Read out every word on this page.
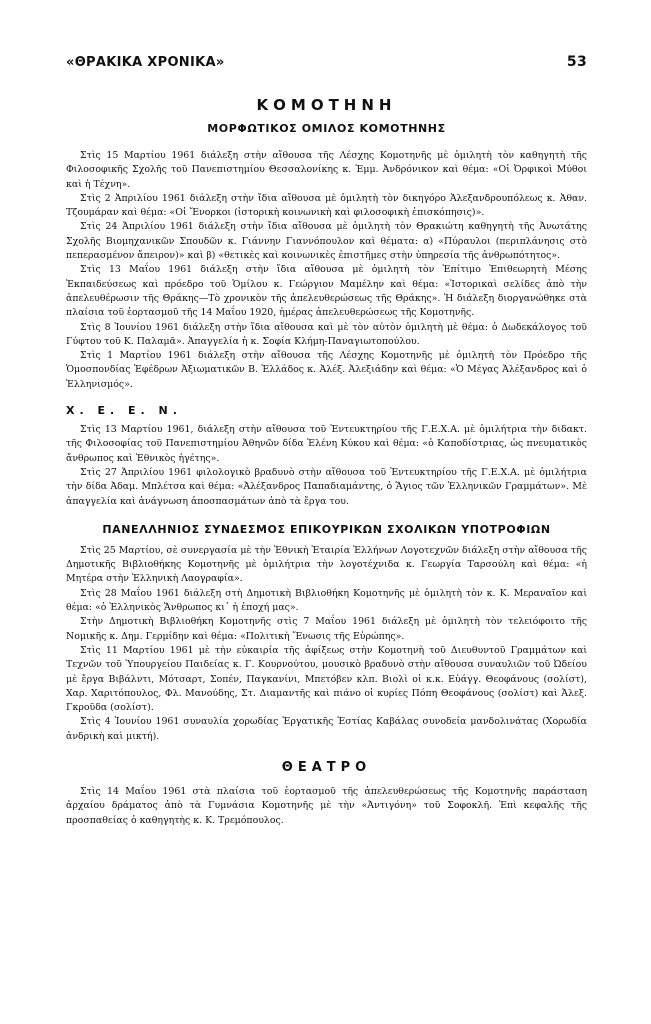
«ΘΡΑΚΙΚΑ ΧΡΟΝΙΚΑ»	53
ΚΟΜΟΤΗΝΗ
ΜΟΡΦΩΤΙΚΟΣ ΟΜΙΛΟΣ ΚΟΜΟΤΗΝΗΣ

Στὶς 15 Μαρτίου 1961 διάλεξη στὴν αἴθουσα τῆς Λέσχης Κομοτηνῆς μὲ ὁμιλητὴ τὸν καθηγητὴ τῆς Φιλοσοφικῆς Σχολῆς τοῦ Πανεπιστημίου Θεσσαλονίκης κ. Ἐμμ. Ἀνδρόνικον καὶ θέμα: «Οἱ Ὀρφικοὶ Μύθοι καὶ ἡ Τέχνη».

Στὶς 2 Ἀπριλίου 1961 διάλεξη στὴν ἴδια αἴθουσα μὲ ὁμιλητὴ τὸν δικηγόρο Ἀλεξανδρουπόλεως κ. Ἀθαν. Τζουμάραν καὶ θέμα: «Οἱ Ἔνορκοι (ἱστορικὴ κοινωνικὴ καὶ φιλοσοφικὴ ἐπισκόπησις)».

Στὶς 24 Ἀπριλίου 1961 διάλεξη στὴν ἴδια αἴθουσα μὲ ὁμιλητὴ τὸν Θρακιώτη καθηγητὴ τῆς Ἀνωτάτης Σχολῆς Βιομηχανικῶν Σπουδῶν κ. Γιάννην Γιαννόπουλον καὶ θέματα: α) «Πύραυλοι (περιπλάνησις στὸ πεπερασμένον ἄπειρον)» καὶ β) «θετικὲς καὶ κοινωνικὲς ἐπιστῆμες στὴν ὑπηρεσία τῆς ἀνθρωπότητος».

Στὶς 13 Μαΐου 1961 διάλεξη στὴν ἴδια αἴθουσα μὲ ὁμιλητὴ τὸν Ἐπίτιμο Ἐπιθεωρητὴ Μέσης Ἐκπαιδεύσεως καὶ πρόεδρο τοῦ Ὁμίλου κ. Γεώργιον Μαμέλην καὶ θέμα: «Ἱστορικαὶ σελίδες ἀπὸ τὴν ἀπελευθέρωσιν τῆς Θράκης—Τὸ χρονικὸν τῆς ἀπελευθερώσεως τῆς Θράκης». Ἡ διάλεξη διοργανώθηκε στὰ πλαίσια τοῦ ἑορτασμοῦ τῆς 14 Μαΐου 1920, ἡμέρας ἀπελευθερώσεως τῆς Κομοτηνῆς.

Στὶς 8 Ἰουνίου 1961 διάλεξη στὴν ἴδια αἴθουσα καὶ μὲ τὸν αὐτὸν ὁμιλητὴ μὲ θέμα: ὁ Δωδεκάλογος τοῦ Γύφτου τοῦ Κ. Παλαμᾶ». Ἀπαγγελία ἡ κ. Σοφία Κλήμη-Παναγιωτοπούλου.

Στὶς 1 Μαρτίου 1961 διάλεξη στὴν αἴθουσα τῆς Λέσχης Κομοτηνῆς μὲ ὁμιλητὴ τὸν Πρόεδρο τῆς Ὁμοσπονδίας Ἐφέδρων Ἀξιωματικῶν Β. Ἑλλάδος κ. Ἀλέξ. Ἀλεξιάδην καὶ θέμα: «Ὁ Μέγας Ἀλέξανδρος καὶ ὁ Ἑλληνισμός».

Χ. Ε. Ε. Ν.

Στὶς 13 Μαρτίου 1961, διάλεξη στὴν αἴθουσα τοῦ Ἐντευκτηρίου τῆς Γ.Ε.Χ.Α. μὲ ὁμιλήτρια τὴν διδακτ. τῆς Φιλοσοφίας τοῦ Πανεπιστημίου Ἀθηνῶν δίδα Ἑλένη Κύκου καὶ θέμα: «ὁ Καποδίστριας, ὡς πνευματικὸς ἄνθρωπος καὶ Ἐθνικὸς ἡγέτης».

Στὶς 27 Ἀπριλίου 1961 φιλολογικὸ βραδυνὸ στὴν αἴθουσα τοῦ Ἐντευκτηρίου τῆς Γ.Ε.Χ.Α. μὲ ὁμιλήτρια τὴν δίδα Ἀδαμ. Μπλέτσα καὶ θέμα: «Ἀλέξανδρος Παπαδιαμάντης, ὁ Ἅγιος τῶν Ἑλληνικῶν Γραμμάτων». Μὲ ἀπαγγελία καὶ ἀνάγνωση ἀποσπασμάτων ἀπὸ τὰ ἔργα του.

ΠΑΝΕΛΛΗΝΙΟΣ ΣΥΝΔΕΣΜΟΣ ΕΠΙΚΟΥΡΙΚΩΝ ΣΧΟΛΙΚΩΝ ΥΠΟΤΡΟΦΙΩΝ

Στὶς 25 Μαρτίου, σὲ συνεργασία μὲ τὴν Ἐθνικὴ Ἑταιρία Ἑλλήνων Λογοτεχνῶν διάλεξη στὴν αἴθουσα τῆς Δημοτικῆς Βιβλιοθήκης Κομοτηνῆς μὲ ὁμιλήτρια τὴν λογοτέχνιδα κ. Γεωργία Ταρσούλη καὶ θέμα: «ἡ Μητέρα στὴν Ἑλληνικὴ Λαογραφία».

Στὶς 28 Μαΐου 1961 διάλεξη στὴ Δημοτικὴ Βιβλιοθήκη Κομοτηνῆς μὲ ὁμιλητὴ τὸν κ. Κ. Μεραναῖον καὶ θέμα: «ὁ Ἑλληνικὸς Ἄνθρωπος κι᾿ ἡ ἐποχή μας».

Στὴν Δημοτικὴ Βιβλιοθήκη Κομοτηνῆς στὶς 7 Μαΐου 1961 διάλεξη μὲ ὁμιλητὴ τὸν τελειόφοιτο τῆς Νομικῆς κ. Δημ. Γερμίδην καὶ θέμα: «Πολιτικὴ Ἕνωσις τῆς Εὐρώπης».

Στὶς 11 Μαρτίου 1961 μὲ τὴν εὐκαιρία τῆς ἀφίξεως στὴν Κομοτηνὴ τοῦ Διευθυντοῦ Γραμμάτων καὶ Τεχνῶν τοῦ Ὑπουργείου Παιδείας κ. Γ. Κουρνούτου, μουσικὸ βραδυνὸ στὴν αἴθουσα συναυλιῶν τοῦ Ὠδείου μὲ ἔργα Βιβάλντι, Μότσαρτ, Σοπέν, Παγκανίνι, Μπετόβεν κλπ. Βιολὶ οἱ κ.κ. Εὐάγγ. Θεοφάνους (σολίστ), Χαρ. Χαριτόπουλος, Φλ. Μανούδης, Στ. Διαμαντῆς καὶ πιάνο οἱ κυρίες Πόπη Θεοφάνους (σολίστ) καὶ Ἀλεξ. Γκρoῦδα (σολίστ).

Στὶς 4 Ἰουνίου 1961 συναυλία χορωδίας Ἐργατικῆς Ἑστίας Καβάλας συνοδεία μανδολινάτας (Χορωδία ἀνδρικὴ καὶ μικτή).

ΘΕΑΤΡΟ

Στὶς 14 Μαΐου 1961 στὰ πλαίσια τοῦ ἑορτασμοῦ τῆς ἀπελευθερώσεως τῆς Κομοτηνῆς παράσταση ἀρχαίου δράματος ἀπὸ τὰ Γυμνάσια Κομοτηνῆς μὲ τὴν «Ἀντιγόνη» τοῦ Σοφοκλῆ. Ἐπὶ κεφαλῆς τῆς προσπαθείας ὁ καθηγητὴς κ. Κ. Τρεμόπουλος.
